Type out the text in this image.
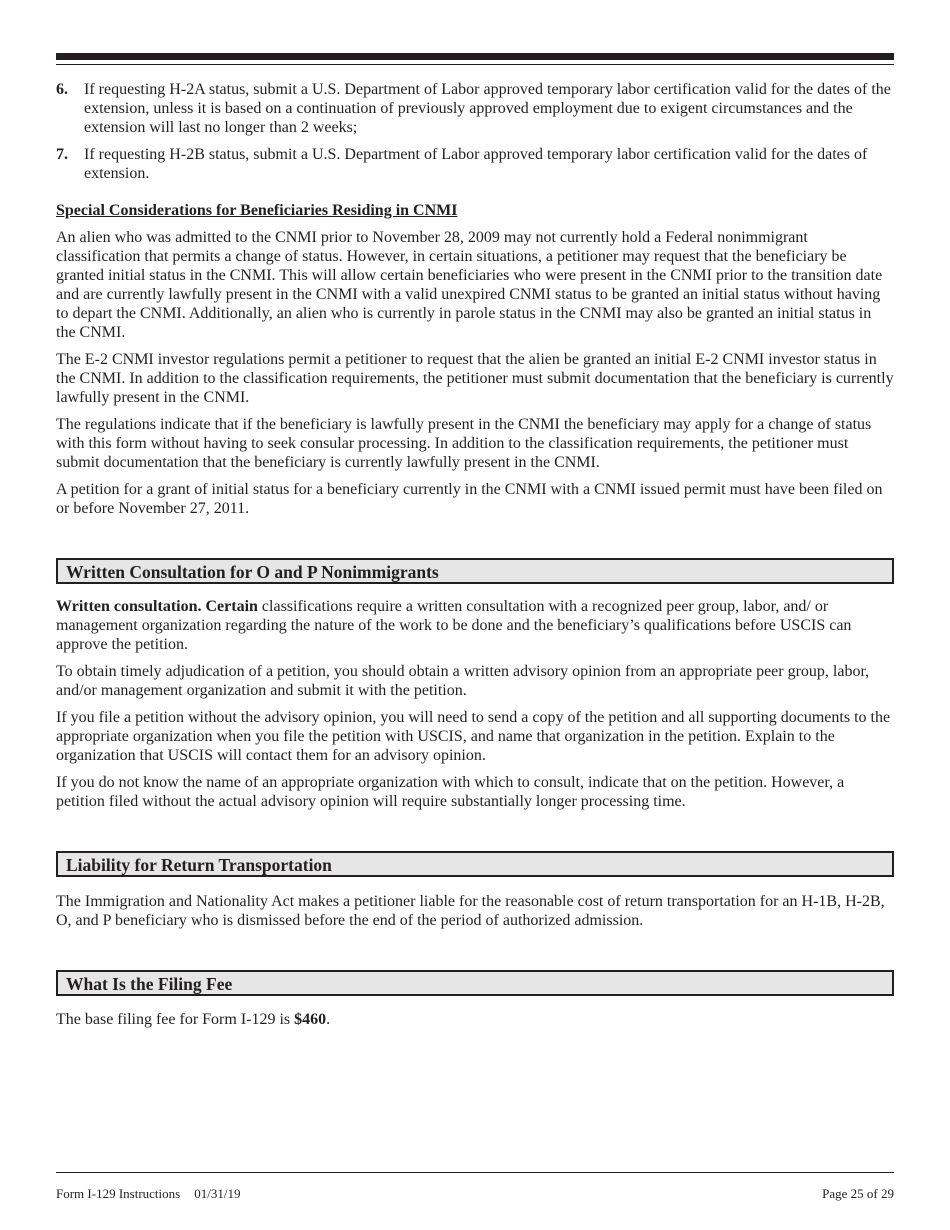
6.	If requesting H-2A status, submit a U.S. Department of Labor approved temporary labor certification valid for the dates of the extension, unless it is based on a continuation of previously approved employment due to exigent circumstances and the extension will last no longer than 2 weeks;
7.	If requesting H-2B status, submit a U.S. Department of Labor approved temporary labor certification valid for the dates of extension.
Special Considerations for Beneficiaries Residing in CNMI

An alien who was admitted to the CNMI prior to November 28, 2009 may not currently hold a Federal nonimmigrant classification that permits a change of status. However, in certain situations, a petitioner may request that the beneficiary be granted initial status in the CNMI. This will allow certain beneficiaries who were present in the CNMI prior to the transition date and are currently lawfully present in the CNMI with a valid unexpired CNMI status to be granted an initial status without having to depart the CNMI. Additionally, an alien who is currently in parole status in the CNMI may also be granted an initial status in the CNMI.

The E-2 CNMI investor regulations permit a petitioner to request that the alien be granted an initial E-2 CNMI investor status in the CNMI. In addition to the classification requirements, the petitioner must submit documentation that the beneficiary is currently lawfully present in the CNMI.

The regulations indicate that if the beneficiary is lawfully present in the CNMI the beneficiary may apply for a change of status with this form without having to seek consular processing. In addition to the classification requirements, the petitioner must submit documentation that the beneficiary is currently lawfully present in the CNMI.

A petition for a grant of initial status for a beneficiary currently in the CNMI with a CNMI issued permit must have been filed on or before November 27, 2011.

Written Consultation for O and P Nonimmigrants

Written consultation. Certain classifications require a written consultation with a recognized peer group, labor, and/ or management organization regarding the nature of the work to be done and the beneficiary’s qualifications before USCIS can approve the petition.

To obtain timely adjudication of a petition, you should obtain a written advisory opinion from an appropriate peer group, labor, and/or management organization and submit it with the petition.

If you file a petition without the advisory opinion, you will need to send a copy of the petition and all supporting documents to the appropriate organization when you file the petition with USCIS, and name that organization in the petition. Explain to the organization that USCIS will contact them for an advisory opinion.

If you do not know the name of an appropriate organization with which to consult, indicate that on the petition. However, a petition filed without the actual advisory opinion will require substantially longer processing time.

Liability for Return Transportation

The Immigration and Nationality Act makes a petitioner liable for the reasonable cost of return transportation for an H-1B, H-2B, O, and P beneficiary who is dismissed before the end of the period of authorized admission.

What Is the Filing Fee

The base filing fee for Form I-129 is $460.

Form I-129 Instructions 01/31/19	Page 25 of 29
